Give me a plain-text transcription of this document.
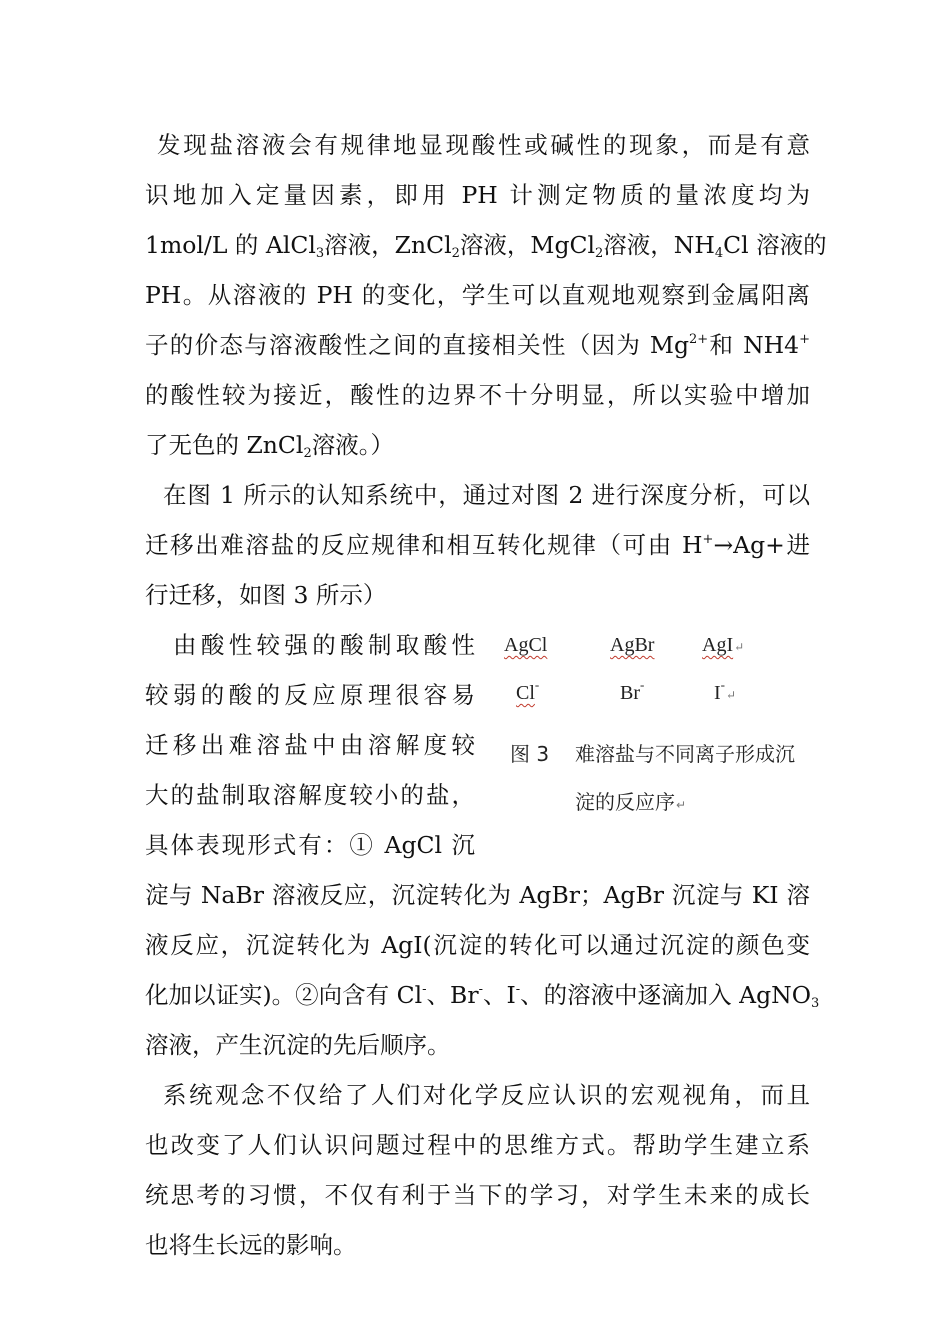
发现盐溶液会有规律地显现酸性或碱性的现象，而是有意
识地加入定量因素，即用 PH 计测定物质的量浓度均为
1mol/L 的 AlCl$_3$溶液，ZnCl$_2$溶液，MgCl$_2$溶液，$NH_4Cl$ 溶液的
PH。从溶液的 PH 的变化，学生可以直观地观察到金属阳离
子的价态与溶液酸性之间的直接相关性（因为 $Mg^{2+}$和 NH4+
的酸性较为接近，酸性的边界不十分明显，所以实验中增加
了无色的 ZnCl$_2$溶液。）
在图 1 所示的认知系统中，通过对图 2 进行深度分析，可以
迁移出难溶盐的反应规律和相互转化规律（可由 H+→Ag+进
行迁移，如图 3 所示）
由酸性较强的酸制取酸性
较弱的酸的反应原理很容易
迁移出难溶盐中由溶解度较
大的盐制取溶解度较小的盐，
具体表现形式有：① AgCl 沉
淀与 NaBr 溶液反应，沉淀转化为 AgBr；AgBr 沉淀与 KI 溶
液反应，沉淀转化为 AgI(沉淀的转化可以通过沉淀的颜色变
化加以证实)。②向含有 Cl-、Br-、I-、的溶液中逐滴加入 AgNO$_3$
溶液，产生沉淀的先后顺序。
AgCl	AgBr AgI↵
Cl-	Br-	I-↵
图 3 难溶盐与不同离子形成沉
淀的反应序↵
系统观念不仅给了人们对化学反应认识的宏观视角，而且
也改变了人们认识问题过程中的思维方式。帮助学生建立系
统思考的习惯，不仅有利于当下的学习，对学生未来的成长
也将生长远的影响。
